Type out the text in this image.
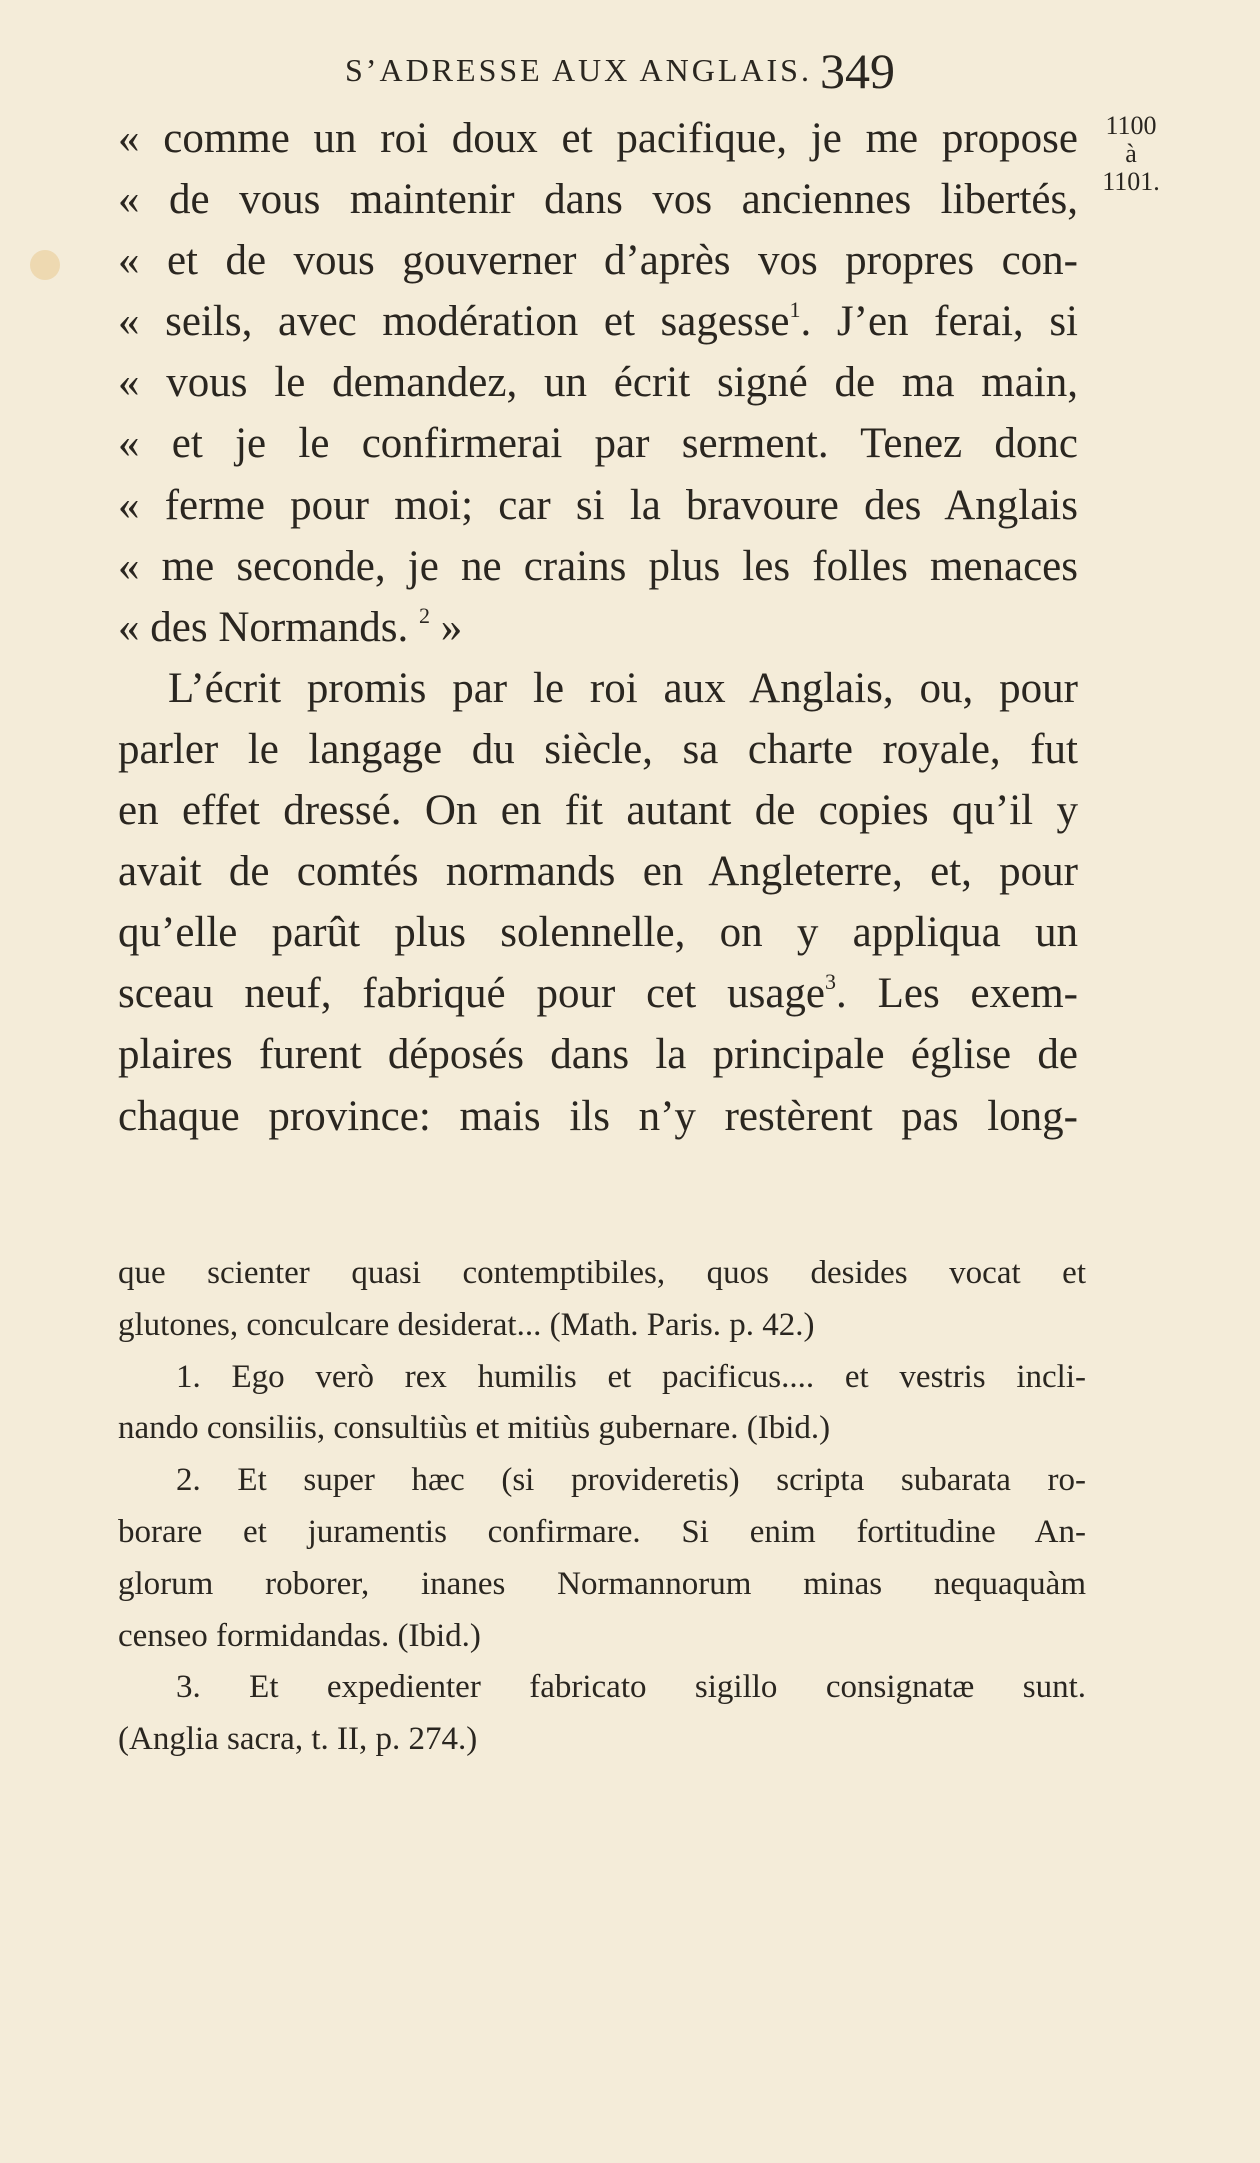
S’ADRESSE AUX ANGLAIS. 349
1100
à
1101.
« comme un roi doux et pacifique, je me propose
« de vous maintenir dans vos anciennes libertés,
« et de vous gouverner d’après vos propres con-
« seils, avec modération et sagesse$^1$. J’en ferai, si
« vous le demandez, un écrit signé de ma main,
« et je le confirmerai par serment. Tenez donc
« ferme pour moi; car si la bravoure des Anglais
« me seconde, je ne crains plus les folles menaces
« des Normands. $^2$ »
L’écrit promis par le roi aux Anglais, ou, pour
parler le langage du siècle, sa charte royale, fut
en effet dressé. On en fit autant de copies qu’il y
avait de comtés normands en Angleterre, et, pour
qu’elle parût plus solennelle, on y appliqua un
sceau neuf, fabriqué pour cet usage$^3$. Les exem-
plaires furent déposés dans la principale église de
chaque province: mais ils n’y restèrent pas long-
que scienter quasi contemptibiles, quos desides vocat et
glutones, conculcare desiderat... (Math. Paris. p. 42.)
1. Ego verò rex humilis et pacificus.... et vestris incli-
nando consiliis, consultiùs et mitiùs gubernare. (Ibid.)
2. Et super hæc (si provideretis) scripta subarata ro-
borare et juramentis confirmare. Si enim fortitudine An-
glorum roborer, inanes Normannorum minas nequaquàm
censeo formidandas. (Ibid.)
3. Et expedienter fabricato sigillo consignatæ sunt.
(Anglia sacra, t. II, p. 274.)
